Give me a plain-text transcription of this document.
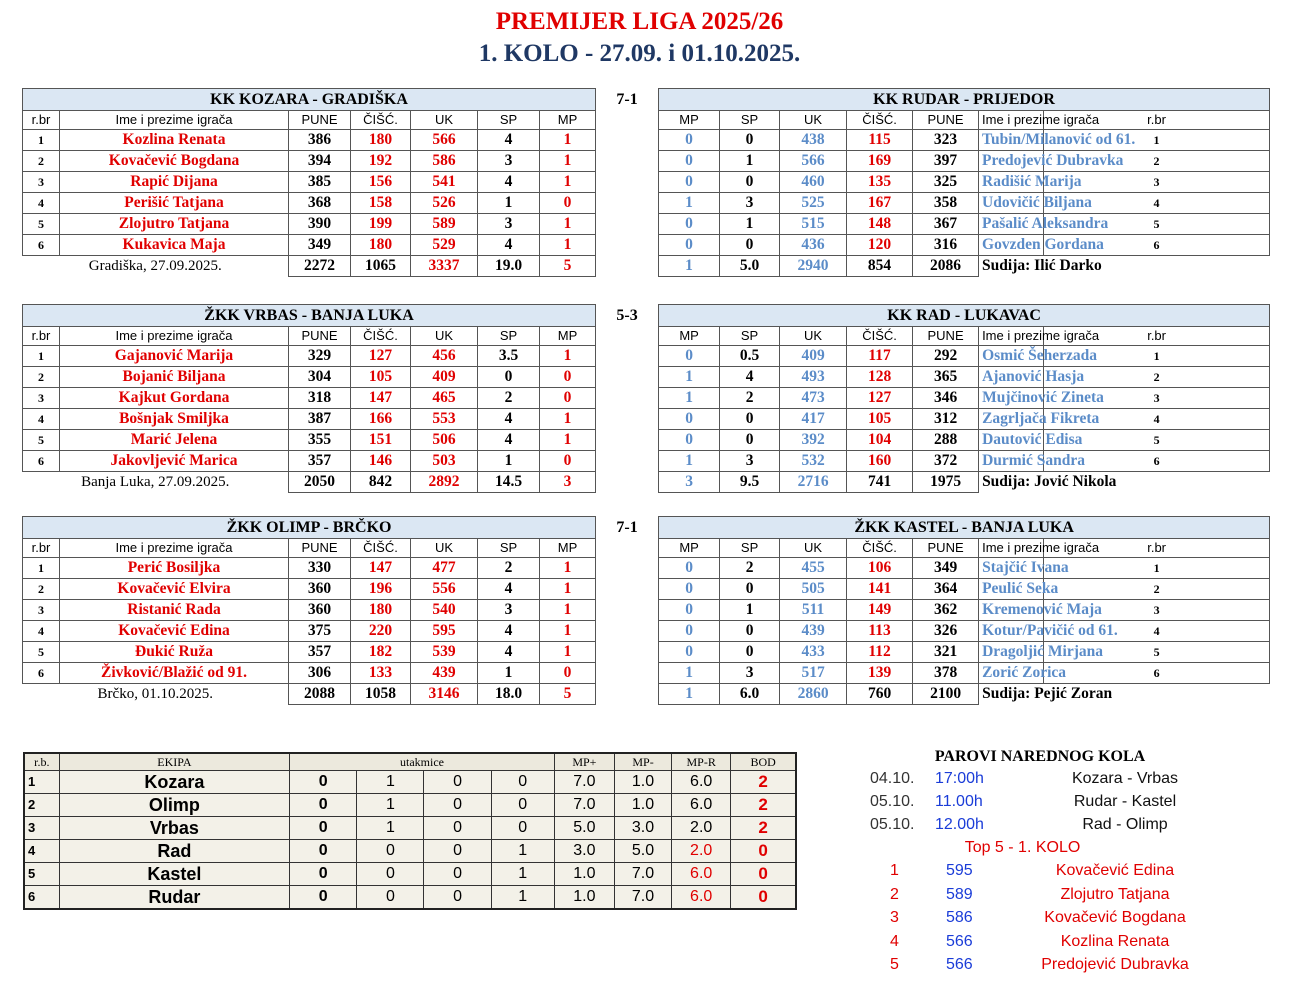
PREMIJER LIGA 2025/26
1. KOLO - 27.09. i 01.10.2025.
KK KOZARA - GRADIŠKA							7-1	KK RUDAR - PRIJEDOR						
r.br	Ime i prezime igrača	PUNE	ČIŠĆ.	UK	SP	MP		MP	SP	UK	ČIŠĆ.	PUNE	Ime i prezime igrača	r.br
1	Kozlina Renata	386	180	566	4	1		0	0	438	115	323	Tubin/Milanović od 61.	1
2	Kovačević Bogdana	394	192	586	3	1		0	1	566	169	397	Predojević Dubravka	2
3	Rapić Dijana	385	156	541	4	1		0	0	460	135	325	Radišić Marija	3
4	Perišić Tatjana	368	158	526	1	0		1	3	525	167	358	Udovičić Biljana	4
5	Zlojutro Tatjana	390	199	589	3	1		0	1	515	148	367	Pašalić Aleksandra	5
6	Kukavica Maja	349	180	529	4	1		0	0	436	120	316	Govzden Gordana	6
Gradiška, 27.09.2025.		2272	1065	3337	19.0	5		1	5.0	2940	854	2086	Sudija: Ilić Darko	
ŽKK VRBAS - BANJA LUKA							5-3	KK RAD - LUKAVAC						
r.br	Ime i prezime igrača	PUNE	ČIŠĆ.	UK	SP	MP		MP	SP	UK	ČIŠĆ.	PUNE	Ime i prezime igrača	r.br
1	Gajanović Marija	329	127	456	3.5	1		0	0.5	409	117	292	Osmić Šeherzada	1
2	Bojanić Biljana	304	105	409	0	0		1	4	493	128	365	Ajanović Hasja	2
3	Kajkut Gordana	318	147	465	2	0		1	2	473	127	346	Mujčinović Zineta	3
4	Bošnjak Smiljka	387	166	553	4	1		0	0	417	105	312	Zagrljača Fikreta	4
5	Marić Jelena	355	151	506	4	1		0	0	392	104	288	Dautović Edisa	5
6	Jakovljević Marica	357	146	503	1	0		1	3	532	160	372	Durmić Sandra	6
Banja Luka, 27.09.2025.		2050	842	2892	14.5	3		3	9.5	2716	741	1975	Sudija: Jović Nikola	
ŽKK OLIMP - BRČKO							7-1	ŽKK KASTEL - BANJA LUKA						
r.br	Ime i prezime igrača	PUNE	ČIŠĆ.	UK	SP	MP		MP	SP	UK	ČIŠĆ.	PUNE	Ime i prezime igrača	r.br
1	Perić Bosiljka	330	147	477	2	1		0	2	455	106	349	Stajčić Ivana	1
2	Kovačević Elvira	360	196	556	4	1		0	0	505	141	364	Peulić Seka	2
3	Ristanić Rada	360	180	540	3	1		0	1	511	149	362	Kremenović Maja	3
4	Kovačević Edina	375	220	595	4	1		0	0	439	113	326	Kotur/Pavičić od 61.	4
5	Đukić Ruža	357	182	539	4	1		0	0	433	112	321	Dragoljić Mirjana	5
6	Živković/Blažić od 91.	306	133	439	1	0		1	3	517	139	378	Zorić Zorica	6
Brčko, 01.10.2025.		2088	1058	3146	18.0	5		1	6.0	2860	760	2100	Sudija: Pejić Zoran	
r.b.	EKIPA	utakmice				MP+	MP-	MP-R	BOD
1	Kozara	0	1	0	0	7.0	1.0	6.0	2
2	Olimp	0	1	0	0	7.0	1.0	6.0	2
3	Vrbas	0	1	0	0	5.0	3.0	2.0	2
4	Rad	0	0	0	1	3.0	5.0	2.0	0
5	Kastel	0	0	0	1	1.0	7.0	6.0	0
6	Rudar	0	0	0	1	1.0	7.0	6.0	0
PAROVI NAREDNOG KOLA
04.10. 17:00h	Kozara - Vrbas
05.10. 11.00h	Rudar - Kastel
05.10. 12.00h	Rad - Olimp
Top 5 - 1. KOLO
1	595	Kovačević Edina
2	589	Zlojutro Tatjana
3	586	Kovačević Bogdana
4	566	Kozlina Renata
5	566	Predojević Dubravka
